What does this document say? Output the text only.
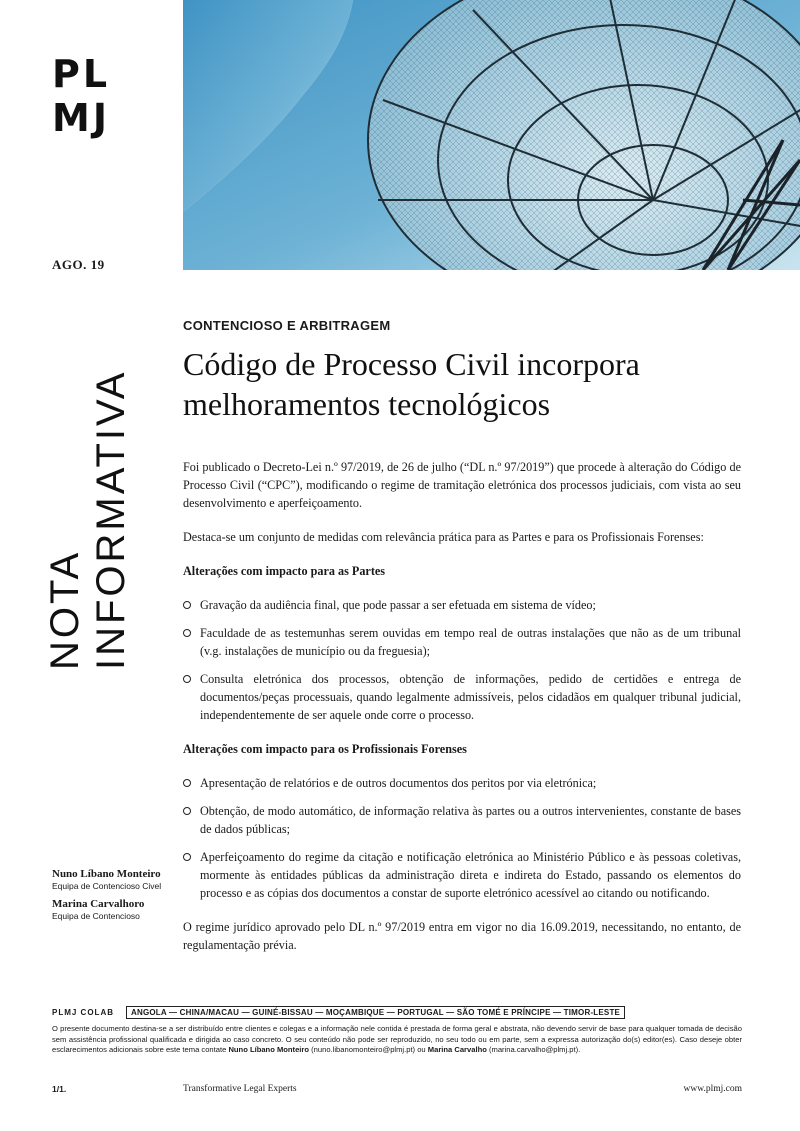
PL
MJ
AGO. 19
NOTA INFORMATIVA
CONTENCIOSO E ARBITRAGEM
Código de Processo Civil incorpora
melhoramentos tecnológicos

Foi publicado o Decreto-Lei n.º 97/2019, de 26 de julho (“DL n.º 97/2019”) que procede à alteração do Código de Processo Civil (“CPC”), modificando o regime de tramitação eletrónica dos processos judiciais, com vista ao seu desenvolvimento e aperfeiçoamento.

Destaca-se um conjunto de medidas com relevância prática para as Partes e para os Profissionais Forenses:

Alterações com impacto para as Partes
Gravação da audiência final, que pode passar a ser efetuada em sistema de vídeo;
Faculdade de as testemunhas serem ouvidas em tempo real de outras instalações que não as de um tribunal (v.g. instalações de município ou da freguesia);
Consulta eletrónica dos processos, obtenção de informações, pedido de certidões e entrega de documentos/peças processuais, quando legalmente admissíveis, pelos cidadãos em qualquer tribunal judicial, independentemente de ser aquele onde corre o processo.
Alterações com impacto para os Profissionais Forenses
Apresentação de relatórios e de outros documentos dos peritos por via eletrónica;
Obtenção, de modo automático, de informação relativa às partes ou a outros intervenientes, constante de bases de dados públicas;
Aperfeiçoamento do regime da citação e notificação eletrónica ao Ministério Público e às pessoas coletivas, mormente às entidades públicas da administração direta e indireta do Estado, passando os elementos do processo e as cópias dos documentos a constar de suporte eletrónico acessível ao citando ou notificando.

O regime jurídico aprovado pelo DL n.º 97/2019 entra em vigor no dia 16.09.2019, necessitando, no entanto, de regulamentação prévia.

Nuno Líbano Monteiro
Equipa de Contencioso Civel
Marina Carvalhoro
Equipa de Contencioso
PLMJ COLAB	ANGOLA — CHINA/MACAU — GUINÉ-BISSAU — MOÇAMBIQUE — PORTUGAL — SÃO TOMÉ E PRÍNCIPE — TIMOR-LESTE
O presente documento destina-se a ser distribuído entre clientes e colegas e a informação nele contida é prestada de forma geral e abstrata, não devendo servir de base para qualquer tomada de decisão sem assistência profissional qualificada e dirigida ao caso concreto. O seu conteúdo não pode ser reproduzido, no seu todo ou em parte, sem a expressa autorização do(s) editor(es). Caso deseje obter esclarecimentos adicionais sobre este tema contate Nuno Líbano Monteiro (nuno.libanomonteiro@plmj.pt) ou Marina Carvalho (marina.carvalho@plmj.pt).
1/1.	Transformative Legal Experts	www.plmj.com
